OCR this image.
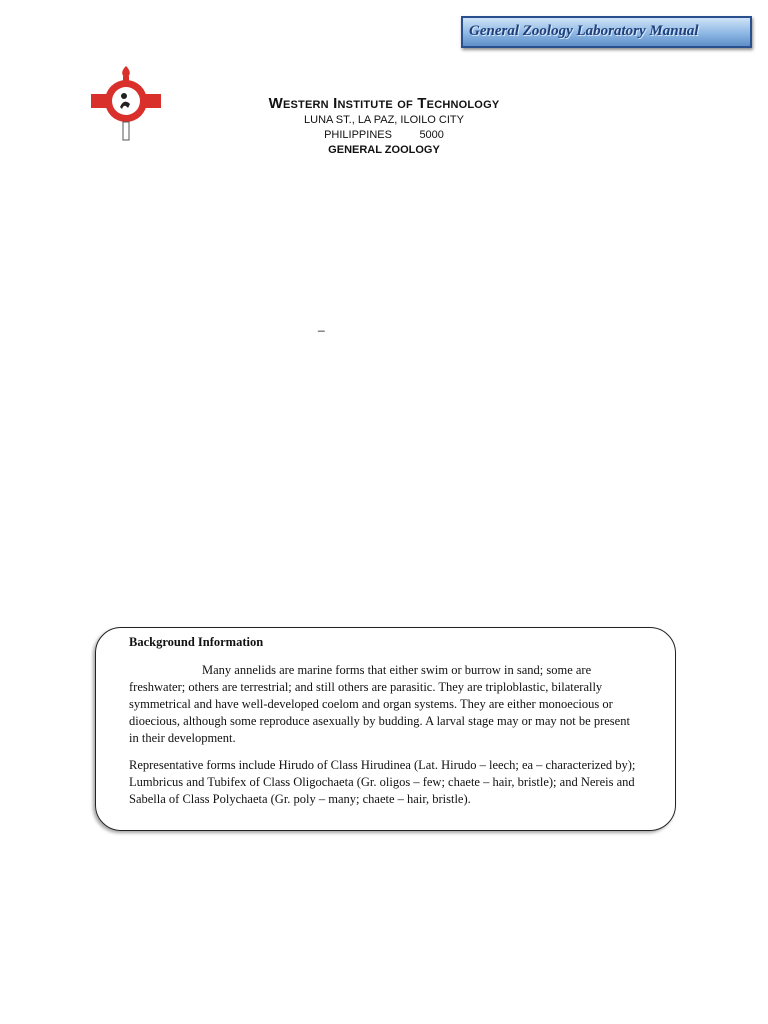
General Zoology Laboratory Manual

Western Institute of Technology

LUNA ST., LA PAZ, ILOILO CITY

PHILIPPINES         5000

GENERAL ZOOLOGY

_
Background Information

Many annelids are marine forms that either swim or burrow in sand; some are freshwater; others are terrestrial; and still others are parasitic. They are triploblastic, bilaterally symmetrical and have well-developed coelom and organ systems. They are either monoecious or dioecious, although some reproduce asexually by budding. A larval stage may or may not be present in their development.

Representative forms include Hirudo of Class Hirudinea (Lat. Hirudo – leech; ea – characterized by); Lumbricus and Tubifex of Class Oligochaeta (Gr. oligos – few; chaete – hair, bristle); and Nereis and Sabella of Class Polychaeta (Gr. poly – many; chaete – hair, bristle).
